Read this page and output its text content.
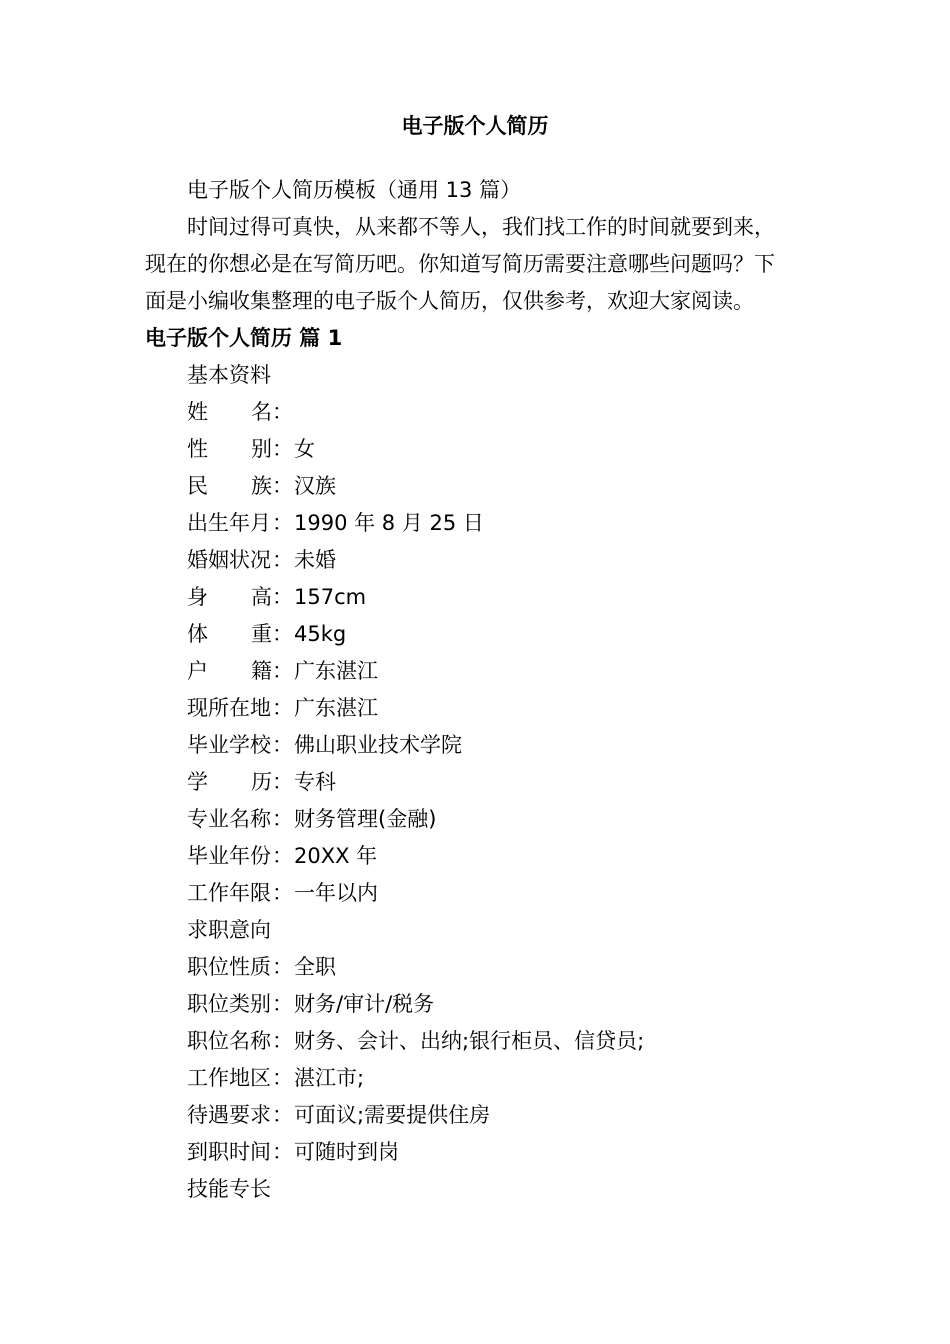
电子版个人简历
电子版个人简历模板（通用 13 篇）
时间过得可真快，从来都不等人，我们找工作的时间就要到来，
现在的你想必是在写简历吧。你知道写简历需要注意哪些问题吗？下
面是小编收集整理的电子版个人简历，仅供参考，欢迎大家阅读。
电子版个人简历 篇 1
基本资料
姓 名 ：
性 别 ： 女
民 族 ： 汉族
出生年月 ： 1990 年 8 月 25 日
婚姻状况 ： 未婚
身 高 ： 157cm
体 重 ： 45kg
户 籍 ： 广东湛江
现所在地 ： 广东湛江
毕业学校 ： 佛山职业技术学院
学 历 ： 专科
专业名称 ： 财务管理(金融)
毕业年份 ： 20XX 年
工作年限 ： 一年以内
求职意向
职位性质 ： 全职
职位类别 ： 财务/审计/税务
职位名称 ： 财务、会计、出纳;银行柜员、信贷员;
工作地区 ： 湛江市;
待遇要求 ： 可面议;需要提供住房
到职时间 ： 可随时到岗
技能专长
